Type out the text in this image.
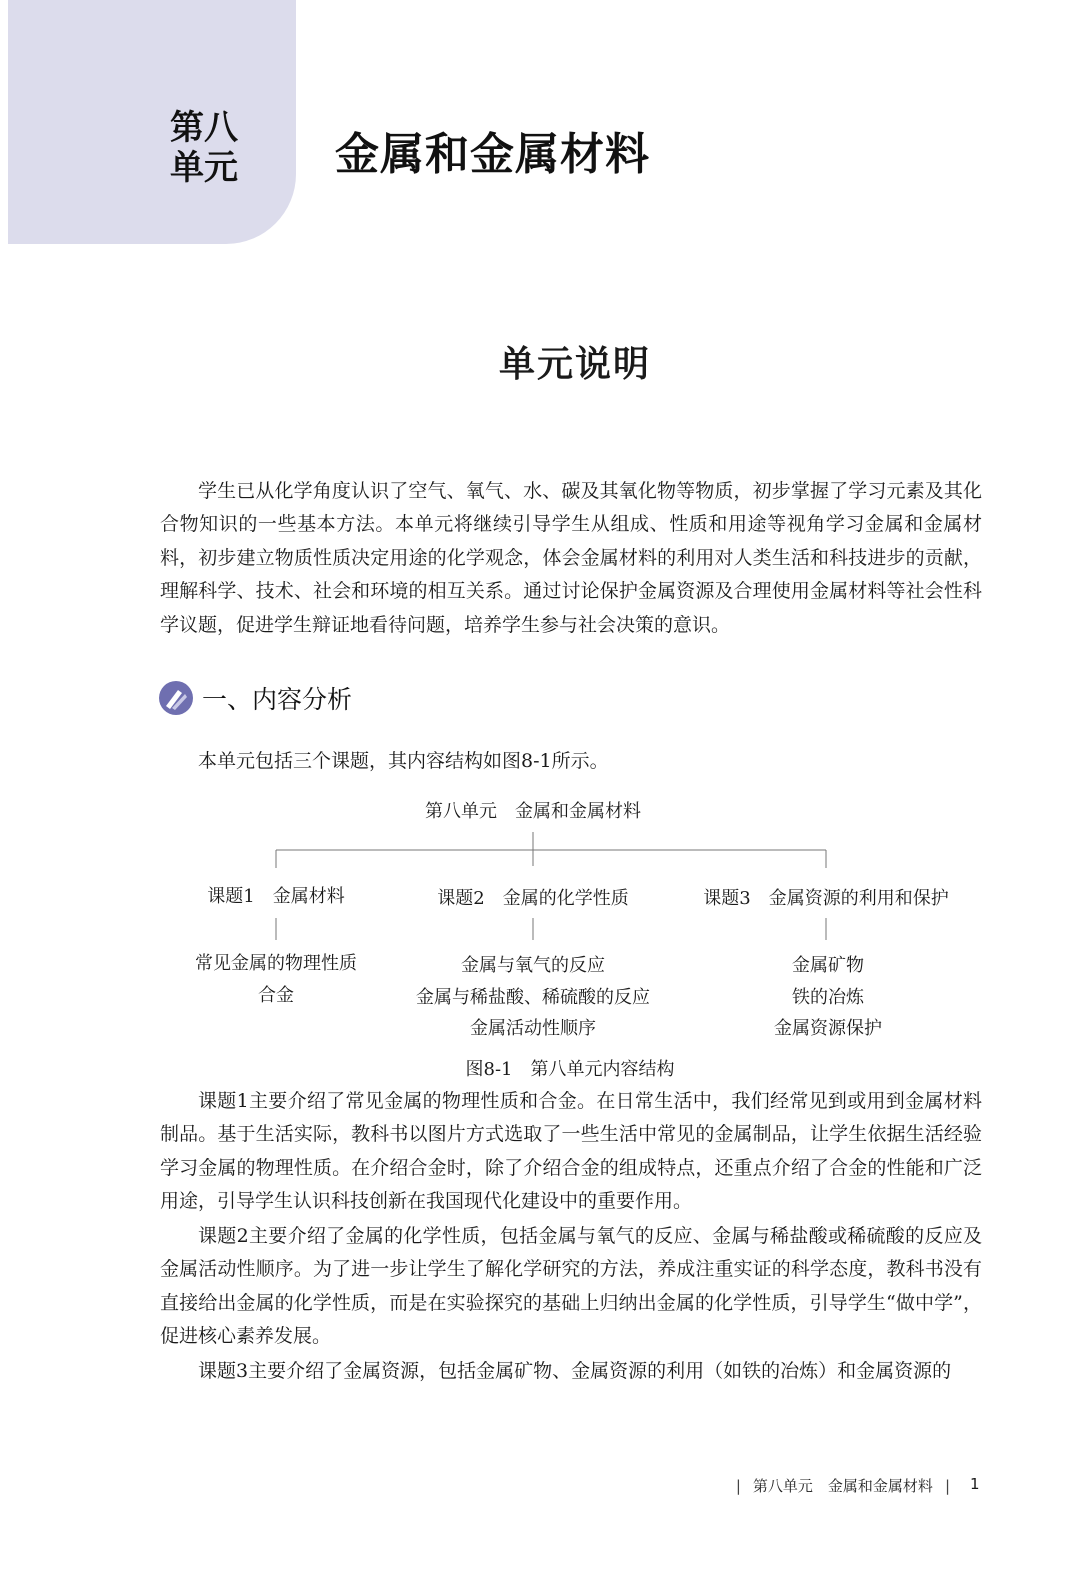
第八
单元	金属和金属材料
单元说明

学生已从化学角度认识了空气、氧气、水、碳及其氧化物等物质，初步掌握了学习元素及其化合物知识的一些基本方法。本单元将继续引导学生从组成、性质和用途等视角学习金属和金属材料，初步建立物质性质决定用途的化学观念，体会金属材料的利用对人类生活和科技进步的贡献，理解科学、技术、社会和环境的相互关系。通过讨论保护金属资源及合理使用金属材料等社会性科学议题，促进学生辩证地看待问题，培养学生参与社会决策的意识。

一、内容分析

本单元包括三个课题，其内容结构如图8-1所示。

第八单元　金属和金属材料
课题1　金属材料	课题2　金属的化学性质	课题3　金属资源的利用和保护
常见金属的物理性质
合金
金属与氧气的反应
金属与稀盐酸、稀硫酸的反应
金属活动性顺序
金属矿物
铁的冶炼
金属资源保护
图8-1　第八单元内容结构

课题1主要介绍了常见金属的物理性质和合金。在日常生活中，我们经常见到或用到金属材料制品。基于生活实际，教科书以图片方式选取了一些生活中常见的金属制品，让学生依据生活经验学习金属的物理性质。在介绍合金时，除了介绍合金的组成特点，还重点介绍了合金的性能和广泛用途，引导学生认识科技创新在我国现代化建设中的重要作用。

课题2主要介绍了金属的化学性质，包括金属与氧气的反应、金属与稀盐酸或稀硫酸的反应及金属活动性顺序。为了进一步让学生了解化学研究的方法，养成注重实证的科学态度，教科书没有直接给出金属的化学性质，而是在实验探究的基础上归纳出金属的化学性质，引导学生“做中学”，促进核心素养发展。

课题3主要介绍了金属资源，包括金属矿物、金属资源的利用（如铁的冶炼）和金属资源的

| 第八单元　金属和金属材料 | 1
